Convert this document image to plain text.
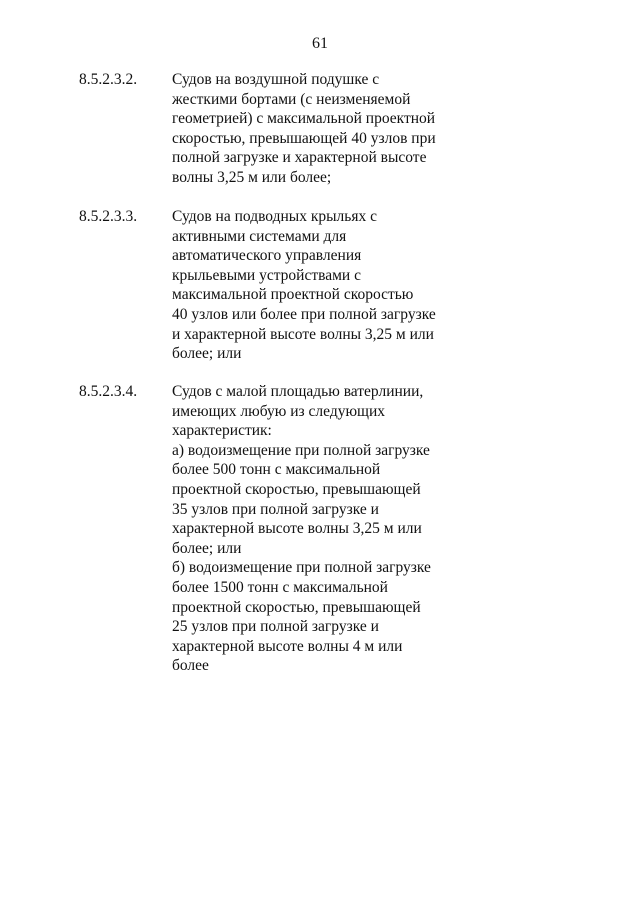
61
8.5.2.3.2. Судов на воздушной подушке с
жесткими бортами (с неизменяемой
геометрией) с максимальной проектной
скоростью, превышающей 40 узлов при
полной загрузке и характерной высоте
волны 3,25 м или более;
8.5.2.3.3. Судов на подводных крыльях с
активными системами для
автоматического управления
крыльевыми устройствами с
максимальной проектной скоростью
40 узлов или более при полной загрузке
и характерной высоте волны 3,25 м или
более; или
8.5.2.3.4. Судов с малой площадью ватерлинии,
имеющих любую из следующих
характеристик:
а) водоизмещение при полной загрузке
более 500 тонн с максимальной
проектной скоростью, превышающей
35 узлов при полной загрузке и
характерной высоте волны 3,25 м или
более; или
б) водоизмещение при полной загрузке
более 1500 тонн с максимальной
проектной скоростью, превышающей
25 узлов при полной загрузке и
характерной высоте волны 4 м или
более
